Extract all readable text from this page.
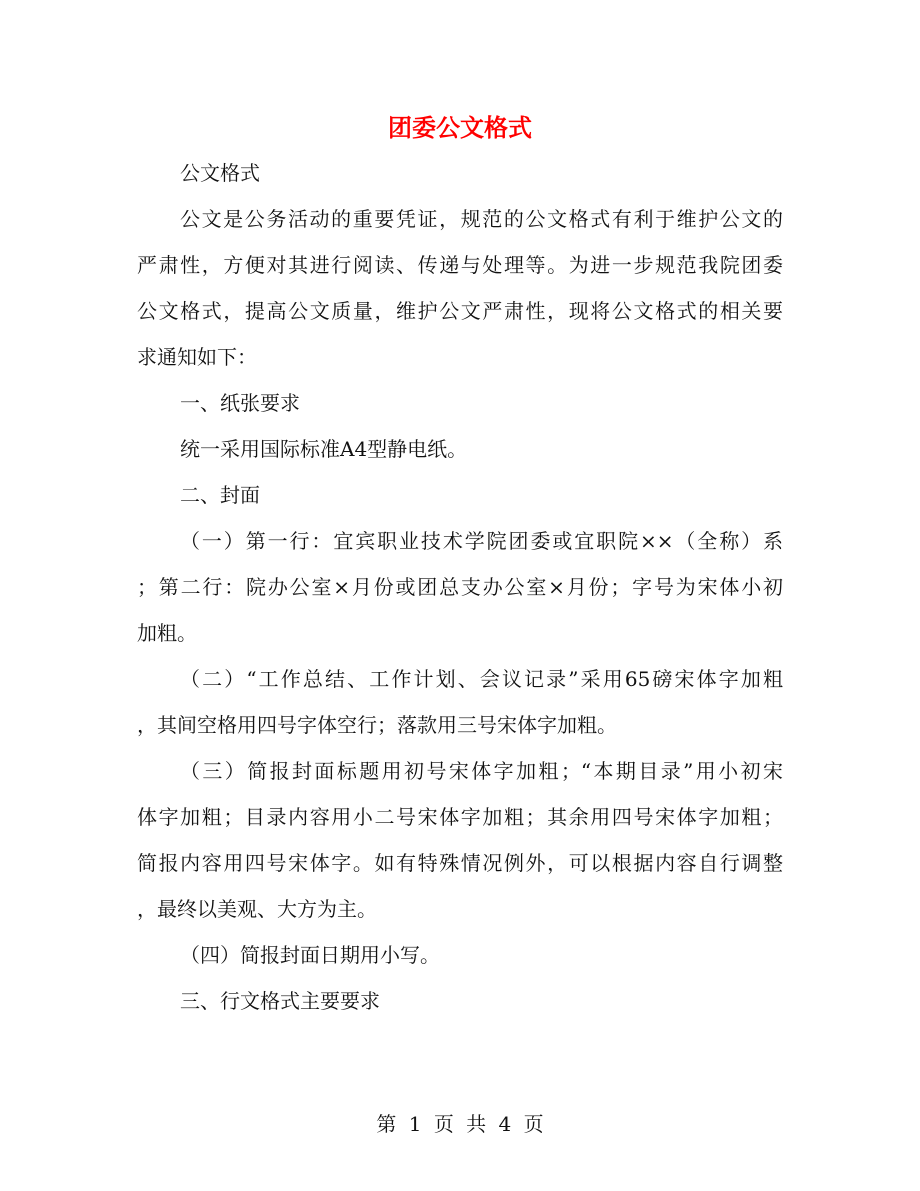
团委公文格式
公文格式
公文是公务活动的重要凭证，规范的公文格式有利于维护公文的
严肃性，方便对其进行阅读、传递与处理等。为进一步规范我院团委
公文格式，提高公文质量，维护公文严肃性，现将公文格式的相关要
求通知如下：
一、纸张要求
统一采用国际标准A4型静电纸。
二、封面
（一）第一行：宜宾职业技术学院团委或宜职院××（全称）系
；第二行：院办公室×月份或团总支办公室×月份；字号为宋体小初
加粗。
（二）“工作总结、工作计划、会议记录”采用65磅宋体字加粗
，其间空格用四号字体空行；落款用三号宋体字加粗。
（三）简报封面标题用初号宋体字加粗；“本期目录”用小初宋
体字加粗；目录内容用小二号宋体字加粗；其余用四号宋体字加粗；
简报内容用四号宋体字。如有特殊情况例外，可以根据内容自行调整
，最终以美观、大方为主。
（四）简报封面日期用小写。
三、行文格式主要要求
第 1 页 共 4 页
